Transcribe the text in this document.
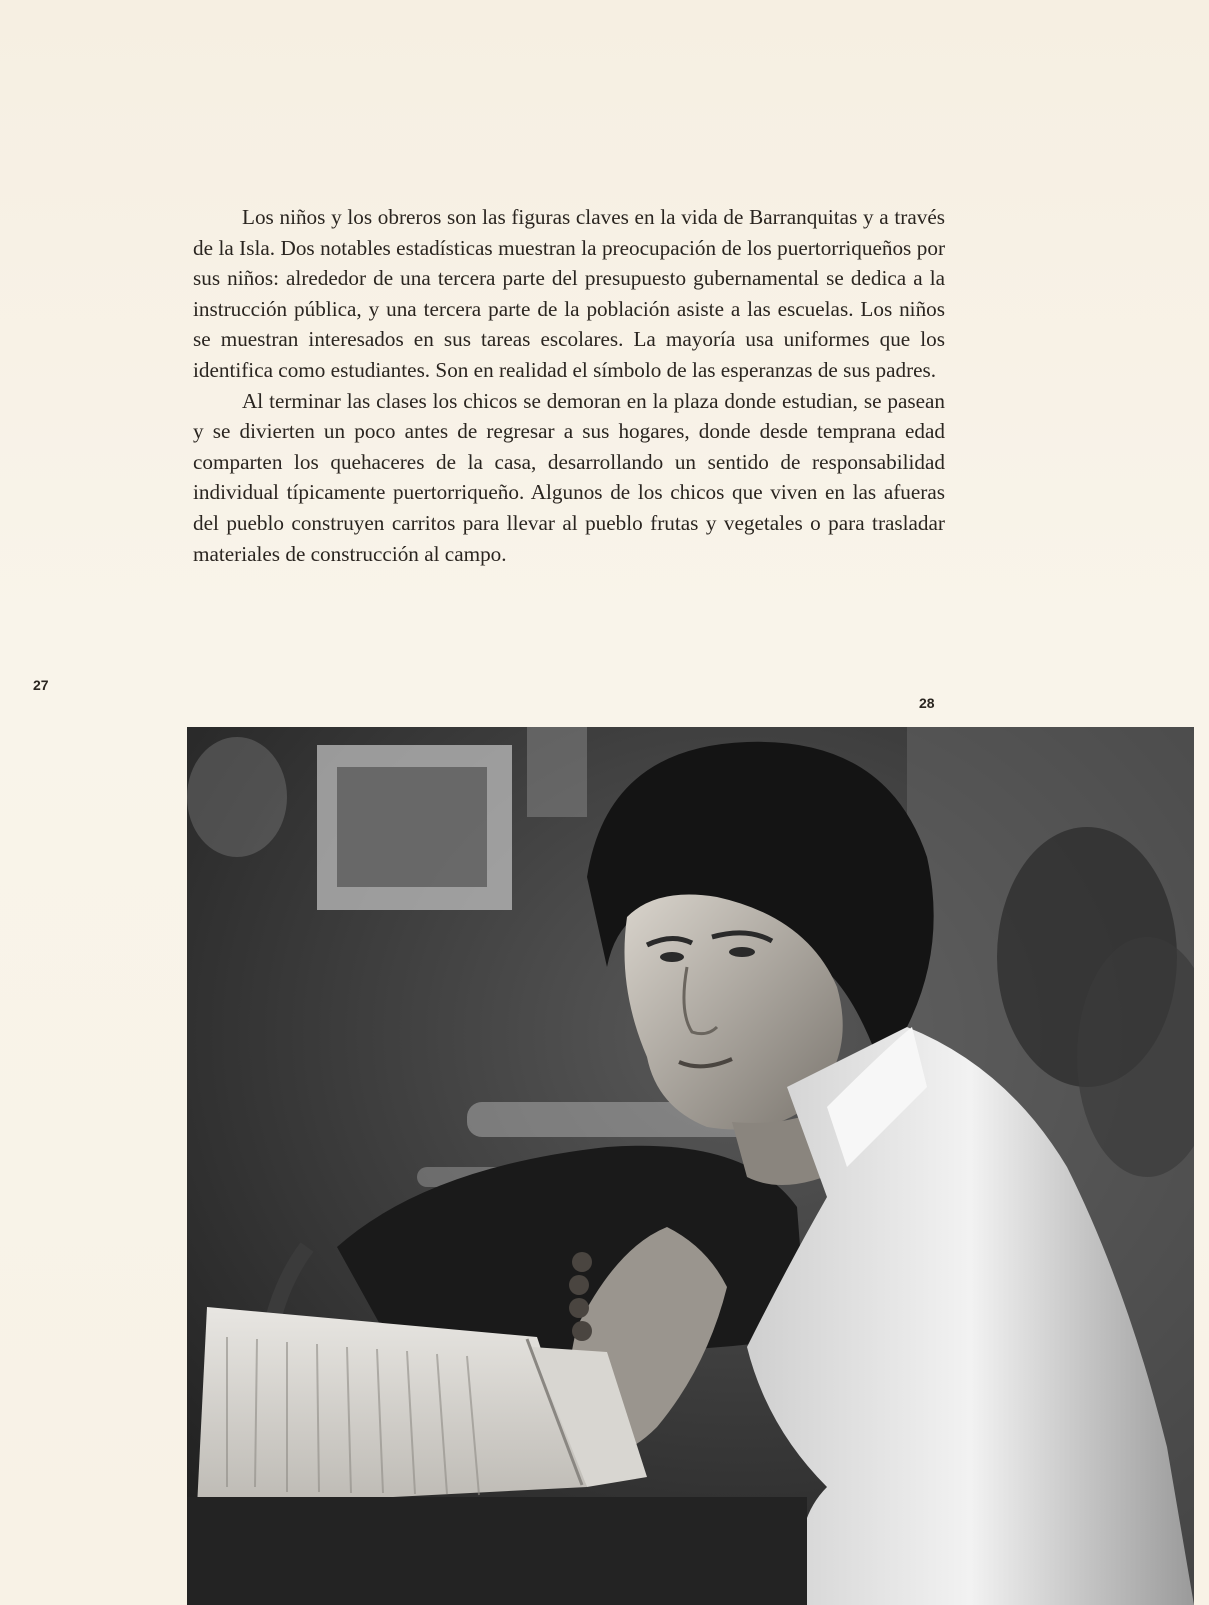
Los niños y los obreros son las figuras claves en la vida de Barranquitas y a través de la Isla. Dos notables estadísticas muestran la preocupación de los puertorriqueños por sus niños: alrededor de una tercera parte del presupuesto gubernamental se dedica a la instrucción pública, y una tercera parte de la población asiste a las escuelas. Los niños se muestran interesados en sus tareas escolares. La mayoría usa uniformes que los identifica como estudiantes. Son en realidad el símbolo de las esperanzas de sus padres.

Al terminar las clases los chicos se demoran en la plaza donde estudian, se pasean y se divierten un poco antes de regresar a sus hogares, donde desde temprana edad comparten los quehaceres de la casa, desarrollando un sentido de responsabilidad individual típicamente puertorriqueño. Algunos de los chicos que viven en las afueras del pueblo construyen carritos para llevar al pueblo frutas y vegetales o para trasladar materiales de construcción al campo.

27
28
